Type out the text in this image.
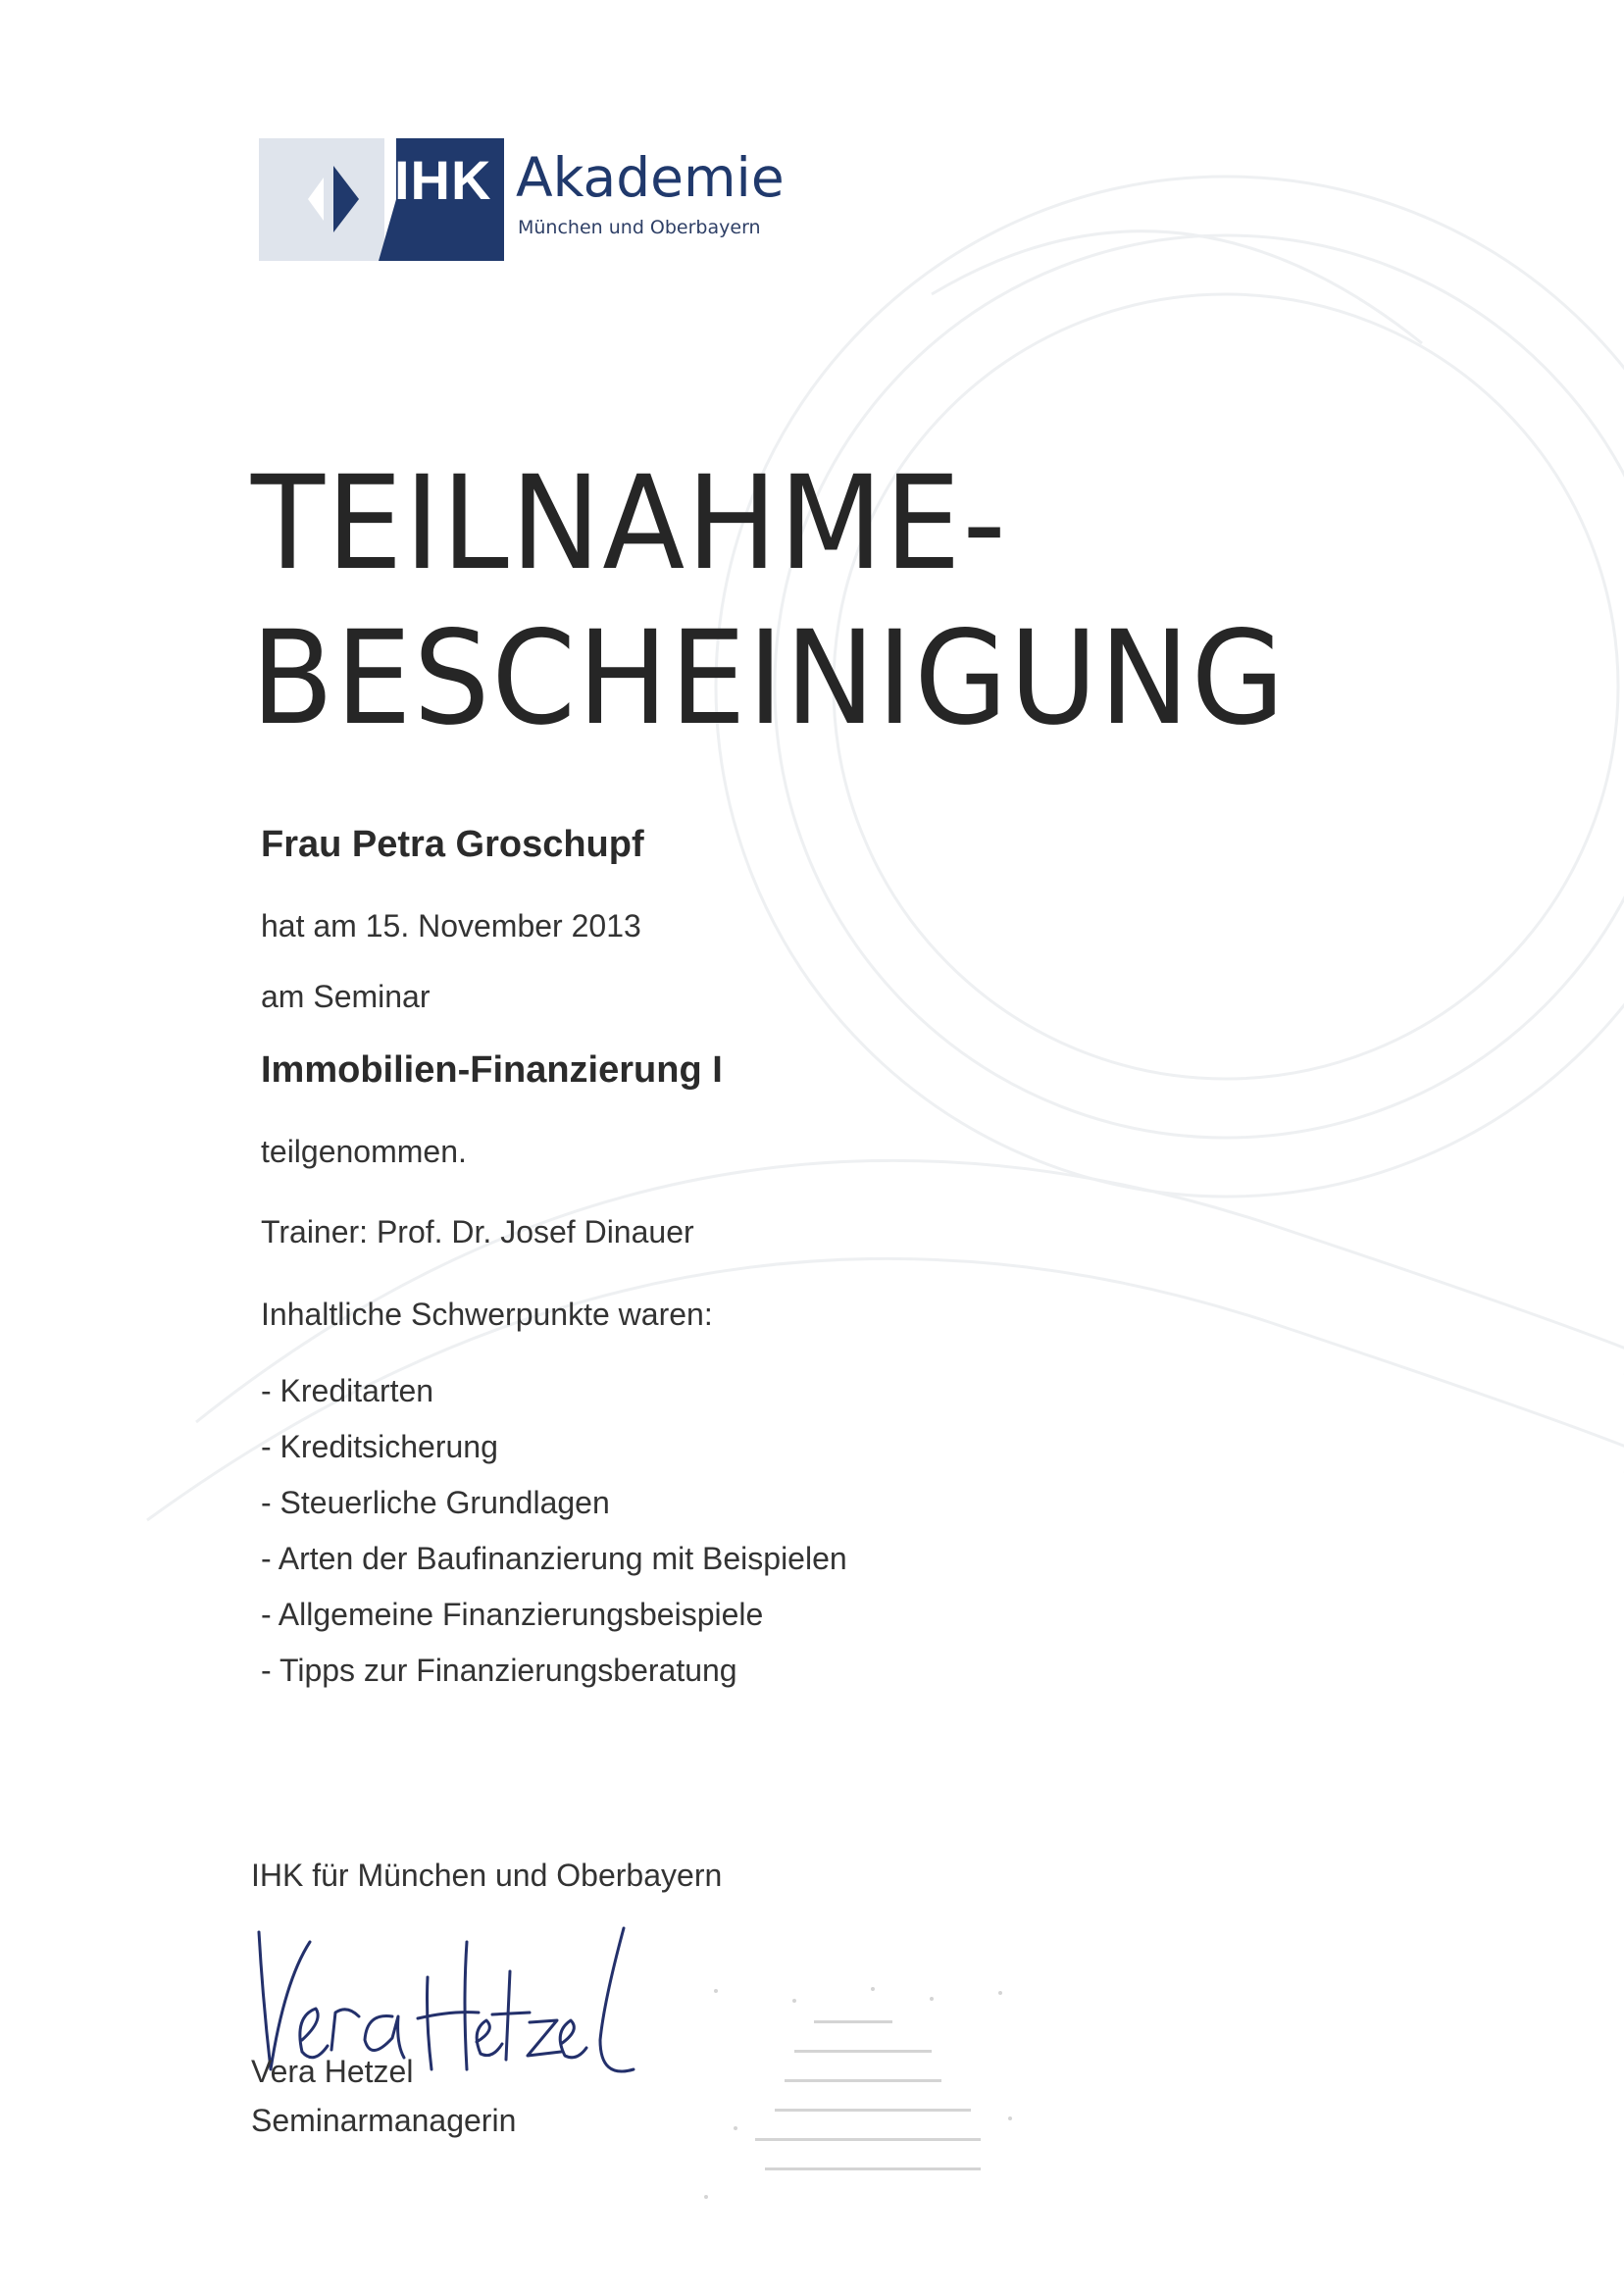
IHK Akademie
München und Oberbayern
TEILNAHME-
BESCHEINIGUNG

Frau Petra Groschupf

hat am 15. November 2013

am Seminar

Immobilien-Finanzierung I

teilgenommen.

Trainer: Prof. Dr. Josef Dinauer

Inhaltliche Schwerpunkte waren:

- Kreditarten
- Kreditsicherung
- Steuerliche Grundlagen
- Arten der Baufinanzierung mit Beispielen
- Allgemeine Finanzierungsbeispiele
- Tipps zur Finanzierungsberatung

IHK für München und Oberbayern

Vera Hetzel

Seminarmanagerin
